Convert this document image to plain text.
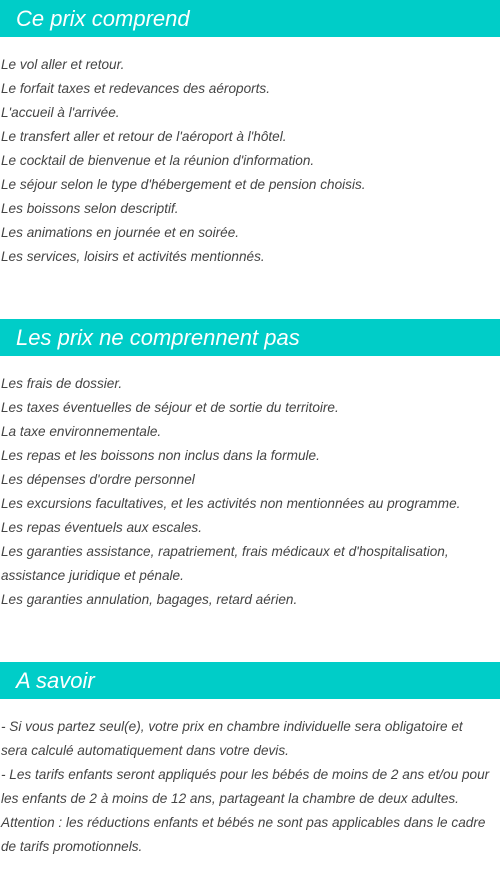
Ce prix comprend
Le vol aller et retour.
Le forfait taxes et redevances des aéroports.
L'accueil à l'arrivée.
Le transfert aller et retour de l'aéroport à l'hôtel.
Le cocktail de bienvenue et la réunion d'information.
Le séjour selon le type d'hébergement et de pension choisis.
Les boissons selon descriptif.
Les animations en journée et en soirée.
Les services, loisirs et activités mentionnés.
Les prix ne comprennent pas
Les frais de dossier.
Les taxes éventuelles de séjour et de sortie du territoire.
La taxe environnementale.
Les repas et les boissons non inclus dans la formule.
Les dépenses d'ordre personnel
Les excursions facultatives, et les activités non mentionnées au programme.
Les repas éventuels aux escales.
Les garanties assistance, rapatriement, frais médicaux et d'hospitalisation,
assistance juridique et pénale.
Les garanties annulation, bagages, retard aérien.
A savoir
- Si vous partez seul(e), votre prix en chambre individuelle sera obligatoire et
sera calculé automatiquement dans votre devis.
- Les tarifs enfants seront appliqués pour les bébés de moins de 2 ans et/ou pour
les enfants de 2 à moins de 12 ans, partageant la chambre de deux adultes.
Attention : les réductions enfants et bébés ne sont pas applicables dans le cadre
de tarifs promotionnels.
